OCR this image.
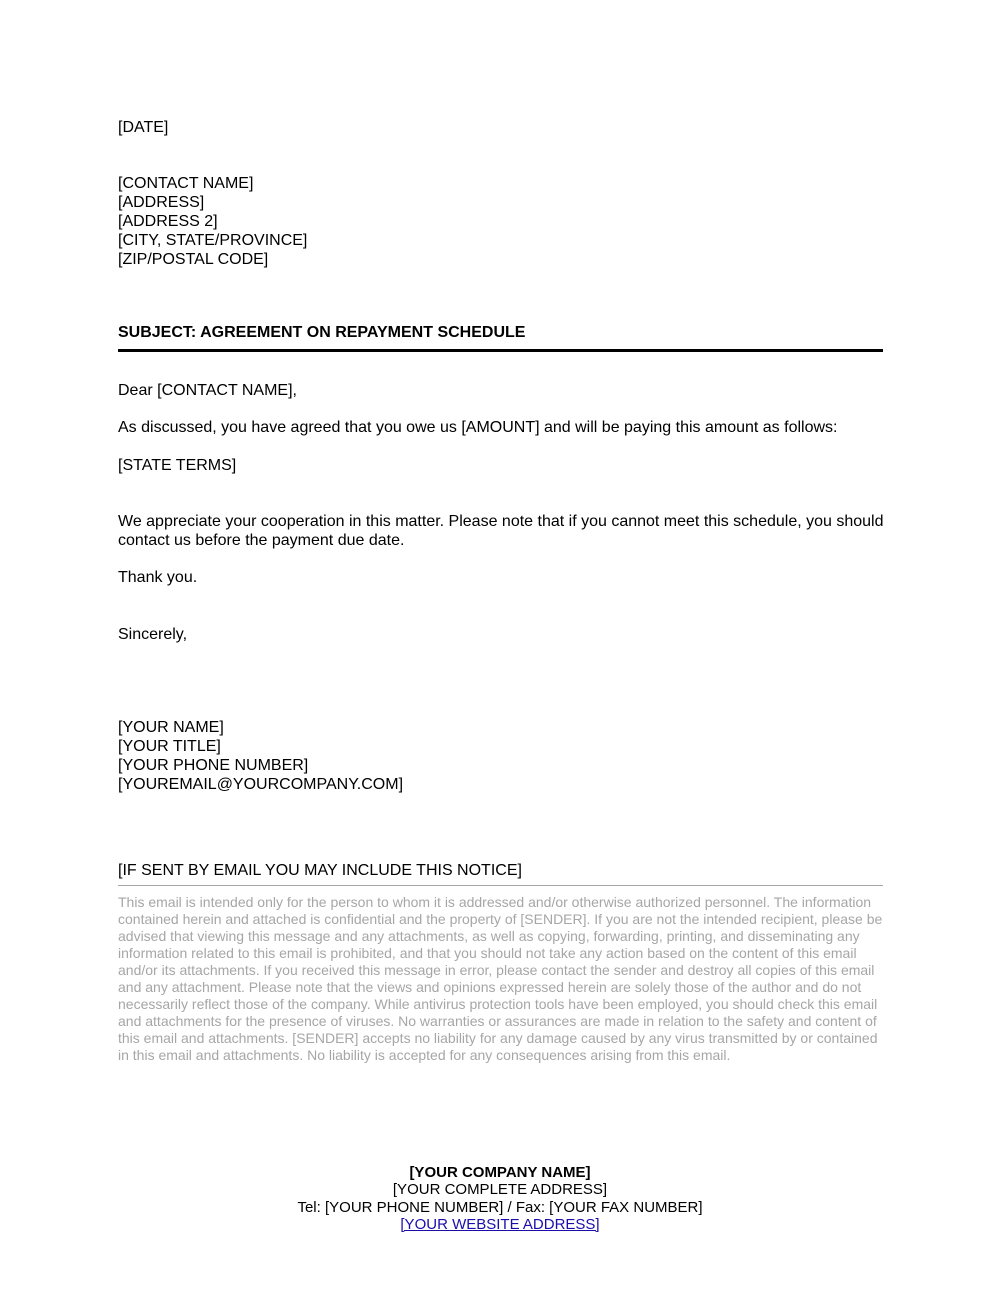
[DATE]
[CONTACT NAME]
[ADDRESS]
[ADDRESS 2]
[CITY, STATE/PROVINCE]
[ZIP/POSTAL CODE]
SUBJECT: AGREEMENT ON REPAYMENT SCHEDULE
Dear [CONTACT NAME],
As discussed, you have agreed that you owe us [AMOUNT] and will be paying this amount as follows:
[STATE TERMS]
We appreciate your cooperation in this matter. Please note that if you cannot meet this schedule, you should contact us before the payment due date.
Thank you.
Sincerely,
[YOUR NAME]
[YOUR TITLE]
[YOUR PHONE NUMBER]
[YOUREMAIL@YOURCOMPANY.COM]
[IF SENT BY EMAIL YOU MAY INCLUDE THIS NOTICE]
This email is intended only for the person to whom it is addressed and/or otherwise authorized personnel. The information contained herein and attached is confidential and the property of [SENDER]. If you are not the intended recipient, please be advised that viewing this message and any attachments, as well as copying, forwarding, printing, and disseminating any information related to this email is prohibited, and that you should not take any action based on the content of this email and/or its attachments. If you received this message in error, please contact the sender and destroy all copies of this email and any attachment. Please note that the views and opinions expressed herein are solely those of the author and do not necessarily reflect those of the company. While antivirus protection tools have been employed, you should check this email and attachments for the presence of viruses. No warranties or assurances are made in relation to the safety and content of this email and attachments. [SENDER] accepts no liability for any damage caused by any virus transmitted by or contained in this email and attachments. No liability is accepted for any consequences arising from this email.
[YOUR COMPANY NAME]
[YOUR COMPLETE ADDRESS]
Tel: [YOUR PHONE NUMBER] / Fax: [YOUR FAX NUMBER]
[YOUR WEBSITE ADDRESS]
